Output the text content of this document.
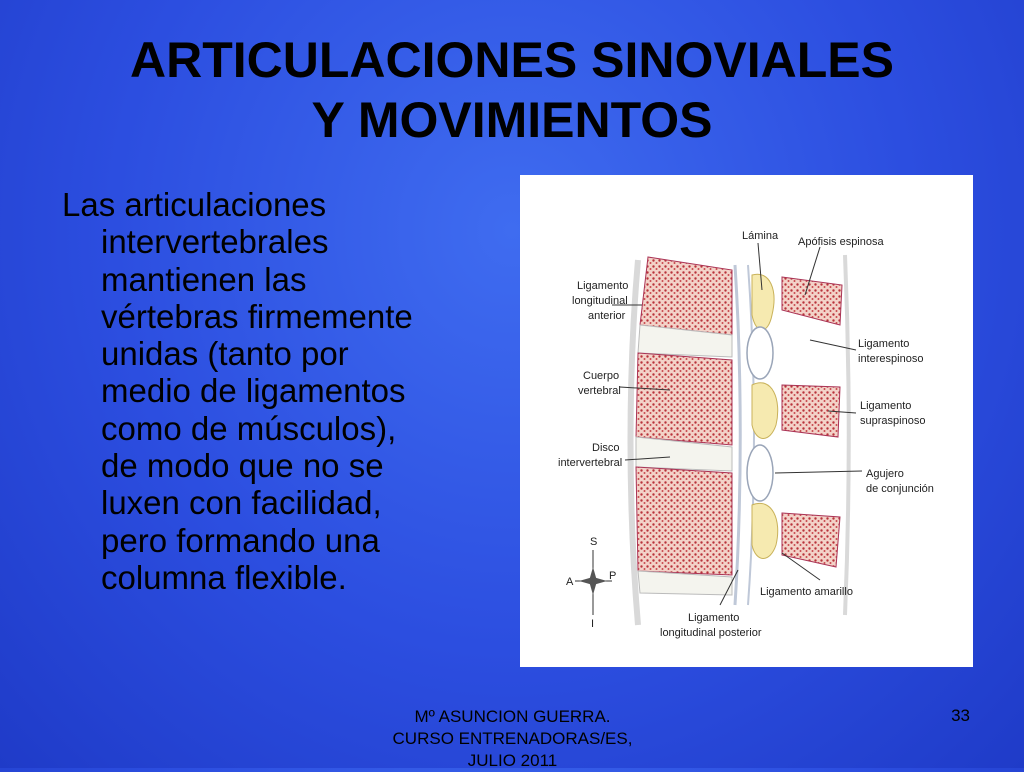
ARTICULACIONES SINOVIALES
Y MOVIMIENTOS
Las articulaciones
intervertebrales
mantienen las
vértebras firmemente
unidas (tanto por
medio de ligamentos
como de músculos),
de modo que no se
luxen con facilidad,
pero formando una
columna flexible.
Lámina Apófisis espinosa
Ligamento
longitudinal
anterior
Cuerpo
vertebral
Disco
intervertebral
Ligamento
interespinoso
Ligamento
supraspinoso
Agujero
de conjunción
Ligamento amarillo
Ligamento
longitudinal posterior
S
A	P
I
Mº ASUNCION GUERRA.
CURSO ENTRENADORAS/ES,
JULIO 2011
33
